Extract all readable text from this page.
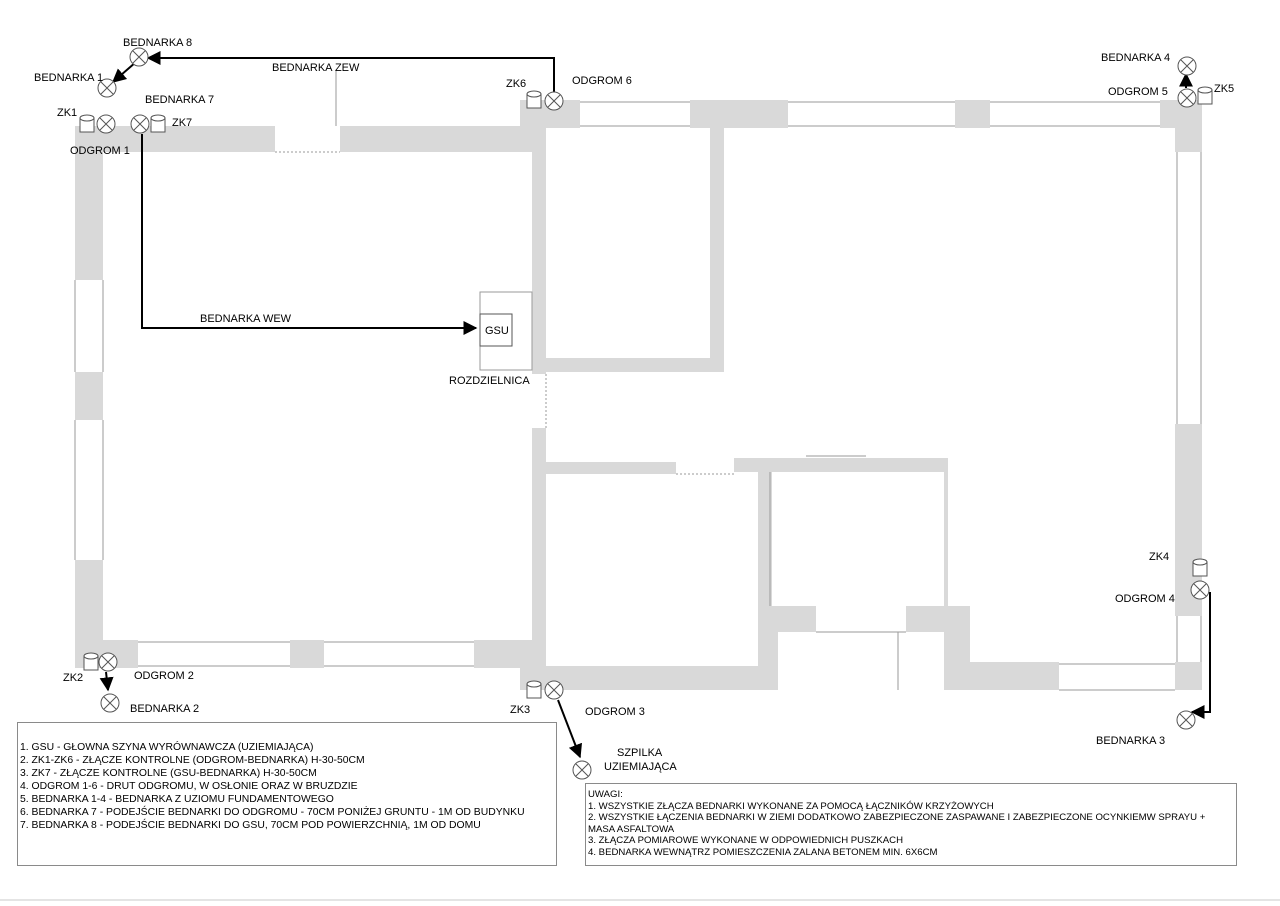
GSU
BEDNARKA 8
BEDNARKA 1
BEDNARKA ZEW
BEDNARKA 7
ZK1
ZK7
ODGROM 1
ZK6	ODGROM 6
BEDNARKA 4
ODGROM 5	ZK5
BEDNARKA WEW
ROZDZIELNICA
ZK4
ODGROM 4
ZK2	ODGROM 2
BEDNARKA 2	ZK3	ODGROM 3
BEDNARKA 3
SZPILKA
UZIEMIAJĄCA

1. GSU - GŁOWNA SZYNA WYRÓWNAWCZA (UZIEMIAJĄCA)

2. ZK1-ZK6 - ZŁĄCZE KONTROLNE (ODGROM-BEDNARKA) H-30-50CM

3. ZK7 - ZŁĄCZE KONTROLNE (GSU-BEDNARKA) H-30-50CM

4. ODGROM 1-6 - DRUT ODGROMU, W OSŁONIE ORAZ W BRUZDZIE

5. BEDNARKA 1-4 - BEDNARKA Z UZIOMU FUNDAMENTOWEGO

6. BEDNARKA 7 - PODEJŚCIE BEDNARKI DO ODGROMU - 70CM PONIŻEJ GRUNTU - 1M OD BUDYNKU

7. BEDNARKA 8 - PODEJŚCIE BEDNARKI DO GSU, 70CM POD POWIERZCHNIĄ, 1M OD DOMU

UWAGI:

1. WSZYSTKIE ZŁĄCZA BEDNARKI WYKONANE ZA POMOCĄ ŁĄCZNIKÓW KRZYŻOWYCH

2. WSZYSTKIE ŁĄCZENIA BEDNARKI W ZIEMI DODATKOWO ZABEZPIECZONE ZASPAWANE I ZABEZPIECZONE OCYNKIEMW SPRAYU + MASA ASFALTOWA

3. ZŁĄCZA POMIAROWE WYKONANE W ODPOWIEDNICH PUSZKACH

4. BEDNARKA WEWNĄTRZ POMIESZCZENIA ZALANA BETONEM MIN. 6X6CM
